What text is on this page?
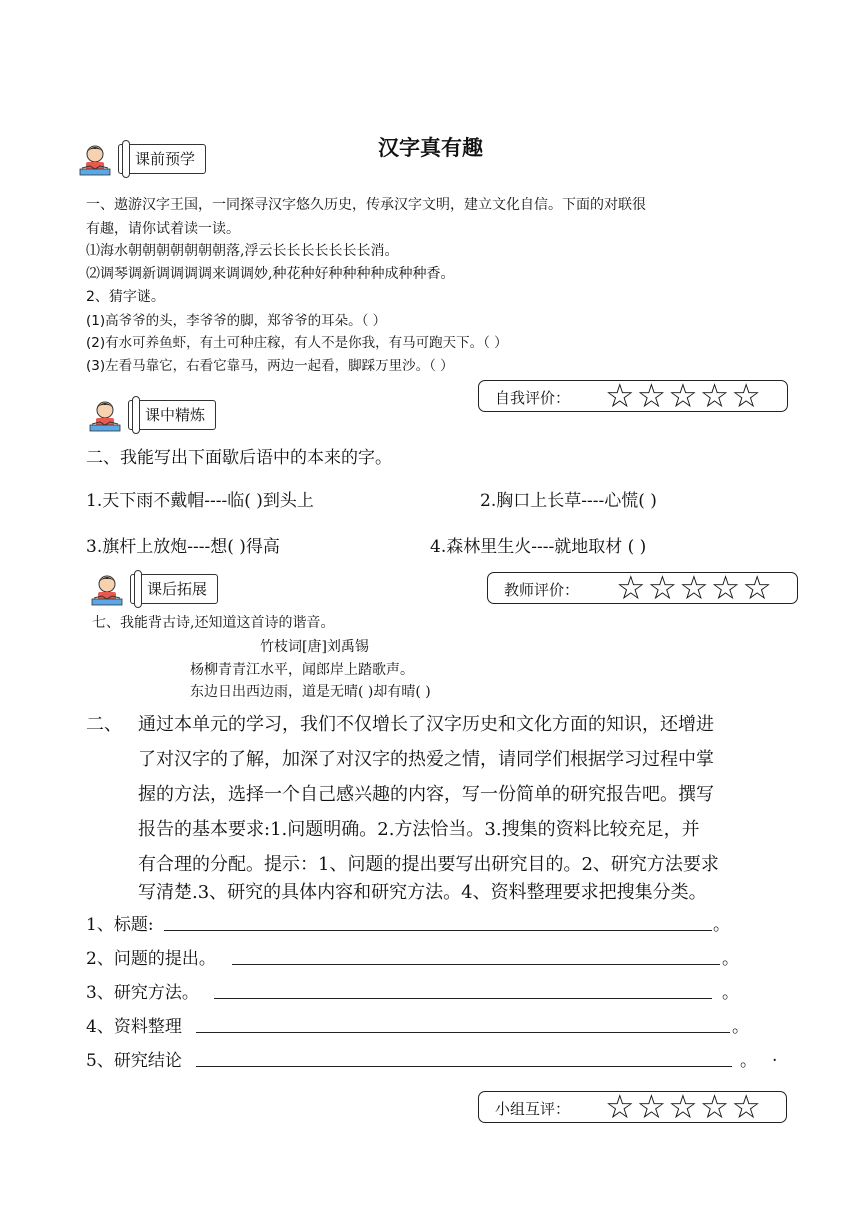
汉字真有趣
课前预学
一、遨游汉字王国，一同探寻汉字悠久历史，传承汉字文明，建立文化自信。下面的对联很
有趣，请你试着读一读。
⑴海水朝朝朝朝朝朝朝落,浮云长长长长长长长消。
⑵调琴调新调调调调来调调妙,种花种好种种种种成种种香。
2、猜字谜。
(1)高爷爷的头，李爷爷的脚，郑爷爷的耳朵。（ ）
(2)有水可养鱼虾，有土可种庄稼，有人不是你我，有马可跑天下。（ ）
(3)左看马靠它，右看它靠马，两边一起看，脚踩万里沙。（ ）
自我评价： ☆☆☆☆☆
课中精炼
二、我能写出下面歇后语中的本来的字。
1.天下雨不戴帽----临( )到头上	2.胸口上长草----心慌( )
3.旗杆上放炮----想( )得高	4.森林里生火----就地取材 ( )
课后拓展	教师评价： ☆☆☆☆☆
七、我能背古诗,还知道这首诗的谐音。
竹枝词[唐]刘禹锡
杨柳青青江水平，闻郎岸上踏歌声。
东边日出西边雨，道是无晴( )却有晴( )
二、 通过本单元的学习，我们不仅增长了汉字历史和文化方面的知识，还增进
了对汉字的了解，加深了对汉字的热爱之情，请同学们根据学习过程中掌
握的方法，选择一个自己感兴趣的内容，写一份简单的研究报告吧。撰写
报告的基本要求:1.问题明确。2.方法恰当。3.搜集的资料比较充足，并
有合理的分配。提示：1、问题的提出要写出研究目的。2、研究方法要求
写清楚.3、研究的具体内容和研究方法。4、资料整理要求把搜集分类。
1、标题:	。
2、问题的提出。	。
3、研究方法。	。
4、资料整理	。
5、研究结论	。 .
小组互评： ☆☆☆☆☆
